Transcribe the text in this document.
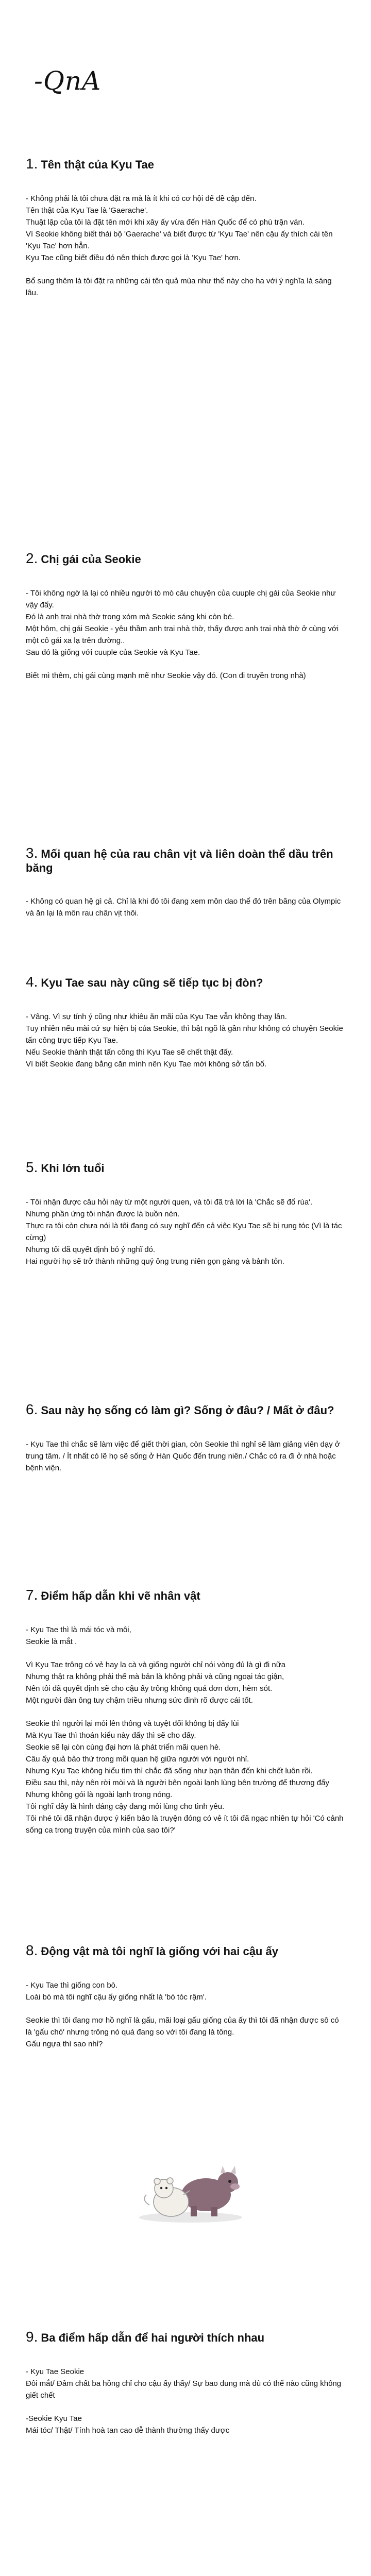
-QnA
1. Tên thật của Kyu Tae

- Không phải là tôi chưa đặt ra mà là ít khi có cơ hội để đề cập đến.
Tên thật của Kyu Tae là 'Gaerache'.
Thuật lập của tôi là đặt tên mới khi xây ấy vừa đến Hàn Quốc để có phù trận ván.
Vì Seokie không biết thái bộ 'Gaerache' và biết được từ 'Kyu Tae' nên cậu ấy thích cái tên 'Kyu Tae' hơn hẳn.
Kyu Tae cũng biết điều đó nên thích được gọi là 'Kyu Tae' hơn.

Bổ sung thêm là tôi đặt ra những cái tên quả mùa như thế này cho ha với ý nghĩa là sáng lâu.

2. Chị gái của Seokie

- Tôi không ngờ là lại có nhiều người tò mò câu chuyện của cuuple chị gái của Seokie như vậy đấy.
Đó là anh trai nhà thờ trong xóm mà Seokie sáng khi còn bé.
Một hôm, chị gái Seokie - yêu thầm anh trai nhà thờ, thấy được anh trai nhà thờ ở cùng với một cô gái xa lạ trên đường..
Sau đó là giống với cuuple của Seokie và Kyu Tae.

Biết mì thêm, chị gái cùng mạnh mẽ như Seokie vậy đó. (Con đi truyền trong nhà)

3. Mối quan hệ của rau chân vịt và liên doàn thể dầu trên băng

- Không có quan hệ gì cả. Chỉ là khi đó tôi đang xem môn dao thể đó trên băng của Olympic và ăn lại là môn rau chân vịt thôi.

4. Kyu Tae sau này cũng sẽ tiếp tục bị đòn?

- Vâng. Vì sự tính ý cũng như khiêu ăn mãi của Kyu Tae vẫn không thay lân.
Tuy nhiên nếu mài cứ sự hiện bị của Seokie, thì bật ngõ là gần như không có chuyện Seokie tấn công trực tiếp Kyu Tae.
Nếu Seokie thành thật tấn công thì Kyu Tae sẽ chết thật đấy.
Vì biết Seokie đang bằng căn mình nên Kyu Tae mới không sở tấn bố.

5. Khi lớn tuổi

- Tôi nhận được câu hỏi này từ một người quen, và tôi đã trả lời là 'Chắc sẽ đổ rùa'.
Nhưng phần ứng tôi nhận được là buồn nèn.
Thực ra tôi còn chưa nói là tôi đang có suy nghĩ đến cả việc Kyu Tae sẽ bị rụng tóc (Vì là tác cừng)
Nhưng tôi đã quyết định bỏ ý nghĩ đó.
Hai người họ sẽ trở thành những quý ông trung niên gọn gàng và bảnh tỏn.

6. Sau này họ sống có làm gì? Sống ở đâu? / Mất ở đâu?

- Kyu Tae thì chắc sẽ làm việc để giết thời gian, còn Seokie thì nghỉ sẽ làm giảng viên dạy ở trung tâm. / Ít nhất có lẽ họ sẽ sống ở Hàn Quốc đến trung niên./ Chắc có ra đi ở nhà hoặc bệnh viện.

7. Điểm hấp dẫn khi vẽ nhân vật

- Kyu Tae thì là mái tóc và môi,
Seokie là mắt .

Vì Kyu Tae trông có vẻ hay la cà và giống người chỉ nói vòng đủ là gì đi nữa
Nhưng thật ra không phải thế mà bản là không phải và cũng ngoại tác giận,
Nên tôi đã quyết định sẽ cho cậu ấy trông không quá đơn đơn, hèm sót.
Một người đàn ông tuy chậm triều nhưng sức đinh rõ được cái tốt.

Seokie thì người lại mỏi lên thông và tuyệt đối không bị đẩy lùi
Mà Kyu Tae thì thoán kiểu này đấy thì sẽ cho đấy.
Seokie sẽ lại còn cùng đại hơn là phát triển mãi quen hè.
Câu ấy quả bảo thứ trong mỗi quan hệ giữa người với người nhỉ.
Nhưng Kyu Tae không hiểu tìm thì chắc đã sống như bạn thân đến khi chết luôn rồi.
Điều sau thì, này nên rời mòi và là người bên ngoài lạnh lùng bên trường để thương đấy
Nhưng không gói là ngoài lạnh trong nóng.
Tôi nghĩ dây là hình dáng cậy đang mỏi lùng cho tình yêu.
Tôi nhé tôi đã nhận được ý kiến bảo là truyện đóng có vẻ ít tôi đã ngạc nhiên tự hỏi 'Có cảnh sống ca trong truyện của mình của sao tôi?'

8. Động vật mà tôi nghĩ là giống với hai cậu ấy

- Kyu Tae thì giống con bò.
Loài bò mà tôi nghĩ cậu ấy giống nhất là 'bò tóc rậm'.

Seokie thì tôi đang mơ hồ nghĩ là gấu, mãi loại gấu giống của ấy thì tôi đã nhận được sô có là 'gấu chó' nhưng trông nó quá đang so với tôi đang là tông.
Gấu ngựa thì sao nhỉ?

9. Ba điểm hấp dẫn để hai người thích nhau

- Kyu Tae Seokie
Đôi mắt/ Đảm chất ba hồng chỉ cho cậu ấy thấy/ Sự bao dung mà dù có thế nào cũng không giết chết

-Seokie Kyu Tae
Mái tóc/ Thật/ Tính hoà tan cao dễ thành thường thấy được
